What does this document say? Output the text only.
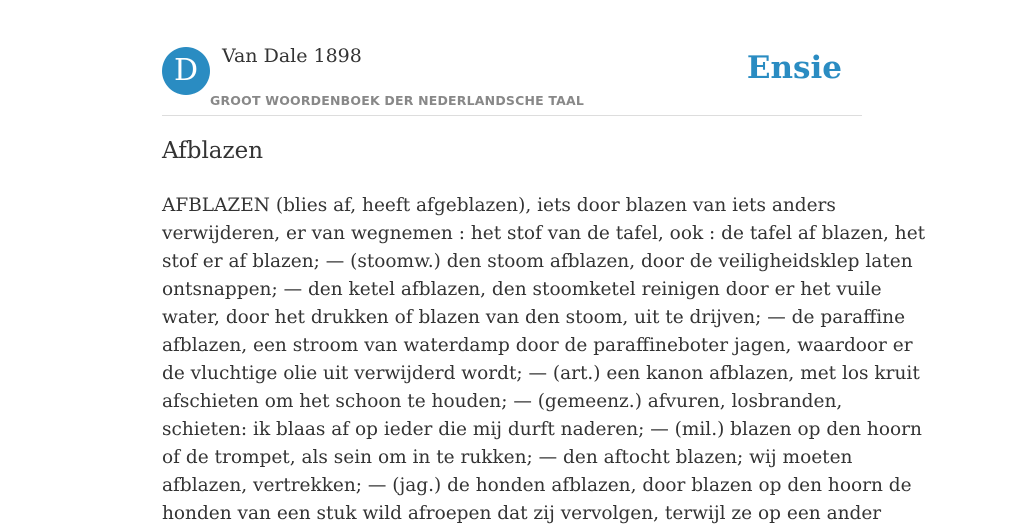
D	Van Dale 1898
GROOT WOORDENBOEK DER NEDERLANDSCHE TAAL
Ensie
Afblazen

AFBLAZEN (blies af, heeft afgeblazen), iets door blazen van iets anders
verwijderen, er van wegnemen : het stof van de tafel, ook : de tafel af blazen, het
stof er af blazen; — (stoomw.) den stoom afblazen, door de veiligheidsklep laten
ontsnappen; — den ketel afblazen, den stoomketel reinigen door er het vuile
water, door het drukken of blazen van den stoom, uit te drijven; — de paraffine
afblazen, een stroom van waterdamp door de paraffineboter jagen, waardoor er
de vluchtige olie uit verwijderd wordt; — (art.) een kanon afblazen, met los kruit
afschieten om het schoon te houden; — (gemeenz.) afvuren, losbranden,
schieten: ik blaas af op ieder die mij durft naderen; — (mil.) blazen op den hoorn
of de trompet, als sein om in te rukken; — den aftocht blazen; wij moeten
afblazen, vertrekken; — (jag.) de honden afblazen, door blazen op den hoorn de
honden van een stuk wild afroepen dat zij vervolgen, terwijl ze op een ander
